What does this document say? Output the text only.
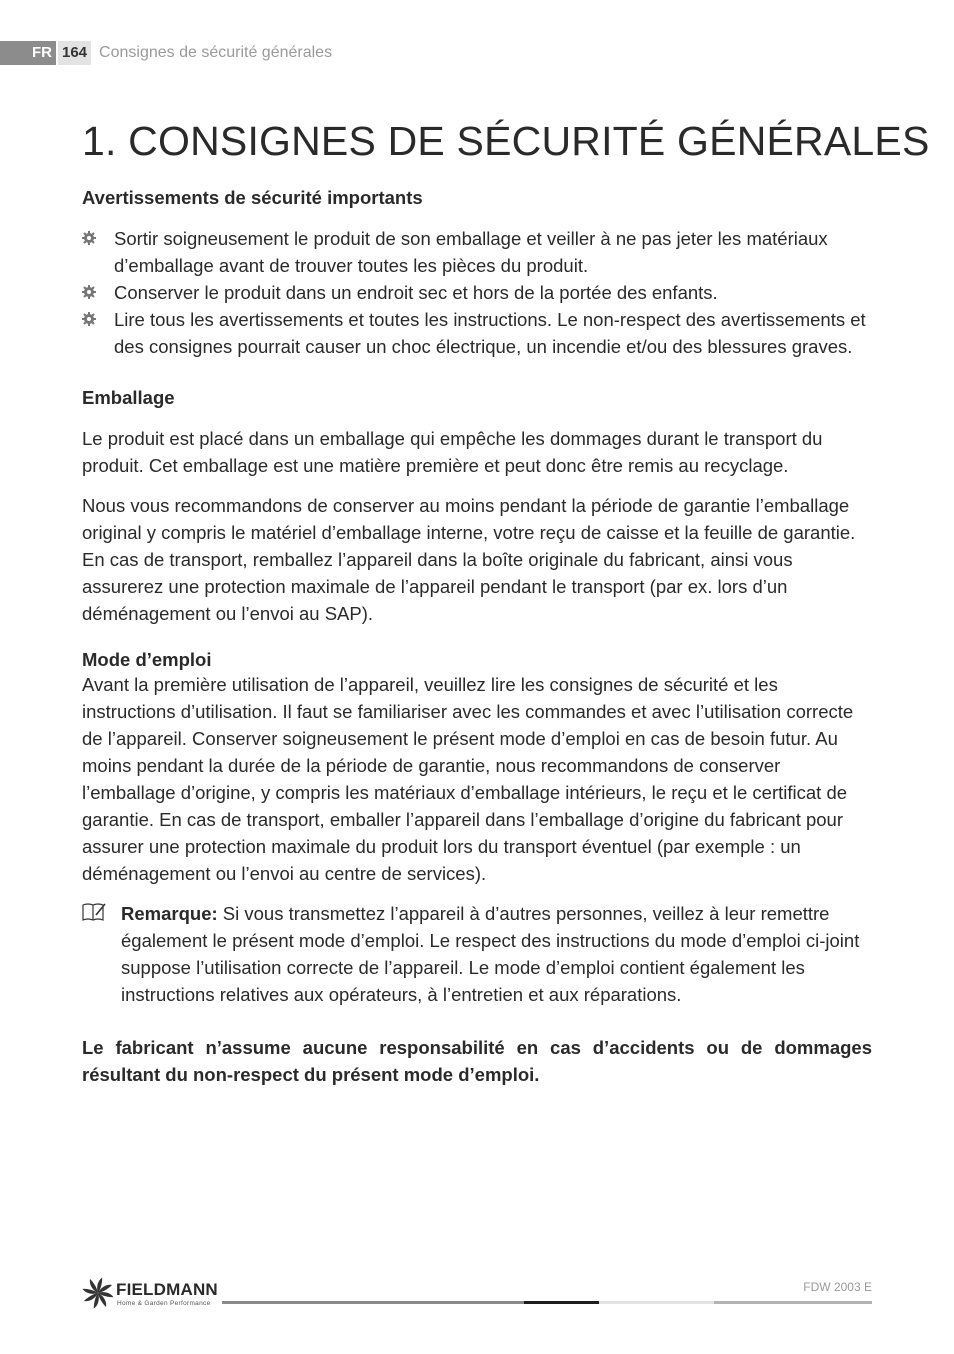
FR 164 Consignes de sécurité générales
1. CONSIGNES DE SÉCURITÉ GÉNÉRALES
Avertissements de sécurité importants
Sortir soigneusement le produit de son emballage et veiller à ne pas jeter les matériaux d’emballage avant de trouver toutes les pièces du produit.
Conserver le produit dans un endroit sec et hors de la portée des enfants.
Lire tous les avertissements et toutes les instructions. Le non-respect des avertissements et des consignes pourrait causer un choc électrique, un incendie et/ou des blessures graves.
Emballage

Le produit est placé dans un emballage qui empêche les dommages durant le transport du produit. Cet emballage est une matière première et peut donc être remis au recyclage.

Nous vous recommandons de conserver au moins pendant la période de garantie l’emballage original y compris le matériel d’emballage interne, votre reçu de caisse et la feuille de garantie. En cas de transport, remballez l’appareil dans la boîte originale du fabricant, ainsi vous assurerez une protection maximale de l’appareil pendant le transport (par ex. lors d’un déménagement ou l’envoi au SAP).

Mode d’emploi

Avant la première utilisation de l’appareil, veuillez lire les consignes de sécurité et les instructions d’utilisation. Il faut se familiariser avec les commandes et avec l’utilisation correcte de l’appareil. Conserver soigneusement le présent mode d’emploi en cas de besoin futur. Au moins pendant la durée de la période de garantie, nous recommandons de conserver l’emballage d’origine, y compris les matériaux d’emballage intérieurs, le reçu et le certificat de garantie. En cas de transport, emballer l’appareil dans l’emballage d’origine du fabricant pour assurer une protection maximale du produit lors du transport éventuel (par exemple : un déménagement ou l’envoi au centre de services).

Remarque: Si vous transmettez l’appareil à d’autres personnes, veillez à leur remettre également le présent mode d’emploi. Le respect des instructions du mode d’emploi ci-joint suppose l’utilisation correcte de l’appareil. Le mode d’emploi contient également les instructions relatives aux opérateurs, à l’entretien et aux réparations.

Le fabricant n’assume aucune responsabilité en cas d’accidents ou de dommages résultant du non-respect du présent mode d’emploi.

FIELDMANN
Home & Garden Performance
FDW 2003 E
